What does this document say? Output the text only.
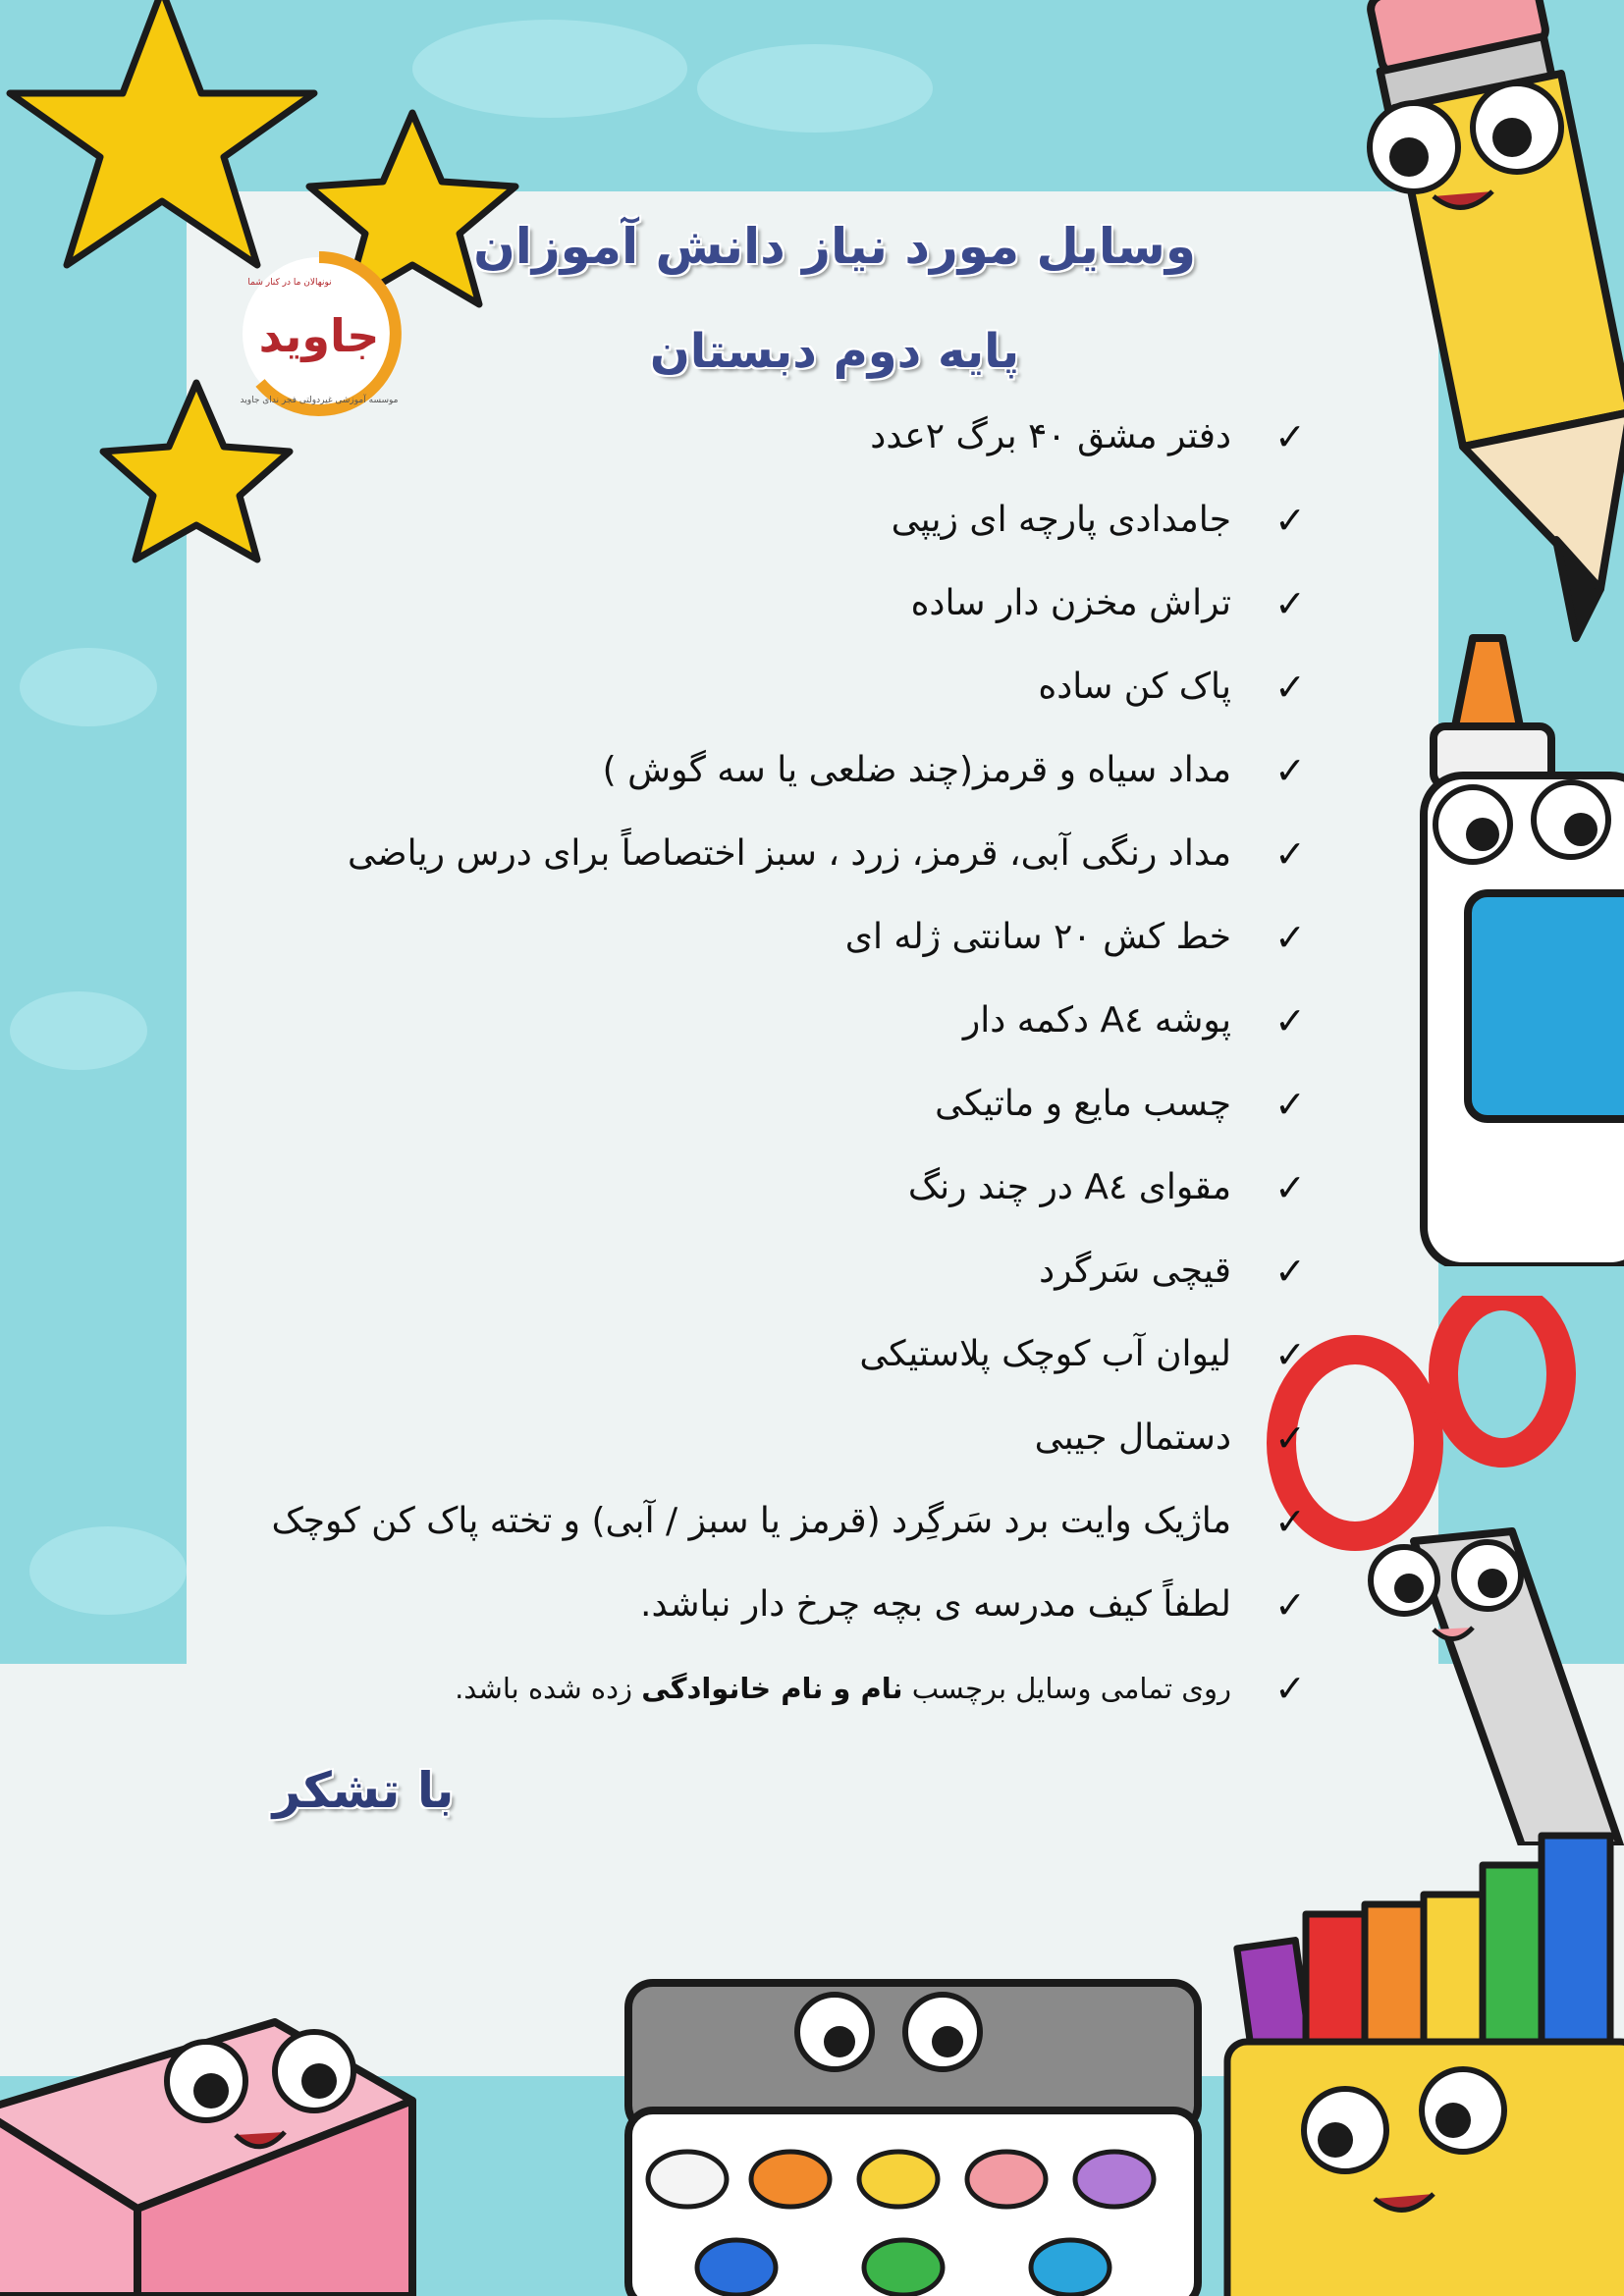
جاوید
موسسه آموزشی غیردولتی فجر ندای جاوید
نونهالان ما در کنار شما
وسایل مورد نیاز دانش آموزان
پایه دوم دبستان
✓
دفتر مشق ۴۰ برگ ۲عدد
✓
جامدادی پارچه ای زیپی
✓
تراش مخزن دار ساده
✓
پاک کن ساده
✓
مداد سیاه و قرمز(چند ضلعی یا سه گوش )
✓
مداد رنگی آبی، قرمز، زرد ، سبز اختصاصاً برای درس ریاضی
✓
خط کش ۲۰ سانتی ژله ای
✓
پوشه A٤ دکمه دار
✓
چسب مایع و ماتیکی
✓
مقوای A٤ در چند رنگ
✓
قیچی سَرگرد
✓
لیوان آب کوچک پلاستیکی
✓
دستمال جیبی
✓
ماژیک وایت برد سَرگِرد (قرمز یا سبز / آبی) و تخته پاک کن کوچک
✓
لطفاً کیف مدرسه ی بچه چرخ دار نباشد.
✓
روی تمامی وسایل برچسب نام و نام خانوادگی زده شده باشد.
با تشکر
